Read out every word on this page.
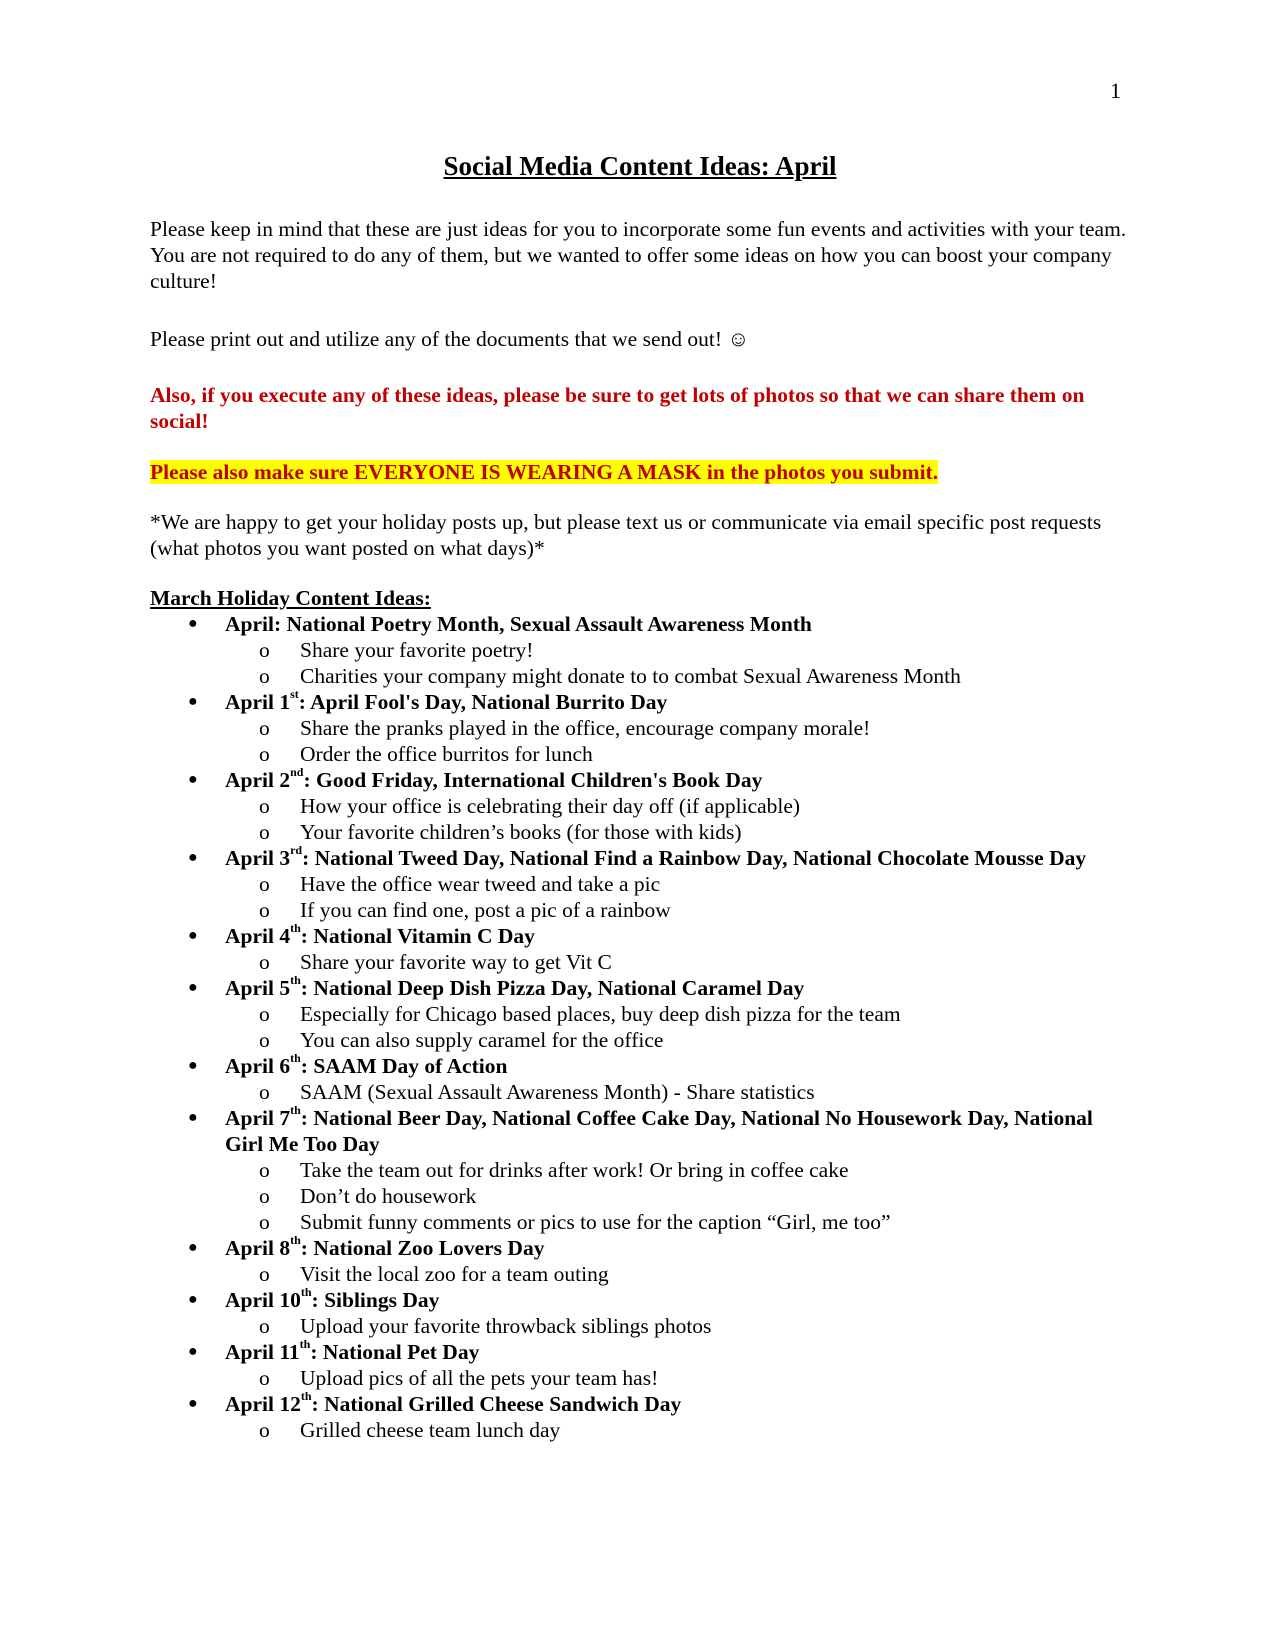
1
Social Media Content Ideas: April

Please keep in mind that these are just ideas for you to incorporate some fun events and activities with your team. You are not required to do any of them, but we wanted to offer some ideas on how you can boost your company culture!

Please print out and utilize any of the documents that we send out! ☺

Also, if you execute any of these ideas, please be sure to get lots of photos so that we can share them on social!

Please also make sure EVERYONE IS WEARING A MASK in the photos you submit.

*We are happy to get your holiday posts up, but please text us or communicate via email specific post requests (what photos you want posted on what days)*

March Holiday Content Ideas:
● April: National Poetry Month, Sexual Assault Awareness Month
o Share your favorite poetry!
o Charities your company might donate to to combat Sexual Awareness Month
● April 1st: April Fool's Day, National Burrito Day
o Share the pranks played in the office, encourage company morale!
o Order the office burritos for lunch
● April 2nd: Good Friday, International Children's Book Day
o How your office is celebrating their day off (if applicable)
o Your favorite children’s books (for those with kids)
● April 3rd: National Tweed Day, National Find a Rainbow Day, National Chocolate Mousse Day
o Have the office wear tweed and take a pic
o If you can find one, post a pic of a rainbow
● April 4th: National Vitamin C Day
o Share your favorite way to get Vit C
● April 5th: National Deep Dish Pizza Day, National Caramel Day
o Especially for Chicago based places, buy deep dish pizza for the team
o You can also supply caramel for the office
● April 6th: SAAM Day of Action
o SAAM (Sexual Assault Awareness Month) - Share statistics
● April 7th: National Beer Day, National Coffee Cake Day, National No Housework Day, National Girl Me Too Day
o Take the team out for drinks after work! Or bring in coffee cake
o Don’t do housework
o Submit funny comments or pics to use for the caption “Girl, me too”
● April 8th: National Zoo Lovers Day
o Visit the local zoo for a team outing
● April 10th: Siblings Day
o Upload your favorite throwback siblings photos
● April 11th: National Pet Day
o Upload pics of all the pets your team has!
● April 12th: National Grilled Cheese Sandwich Day
o Grilled cheese team lunch day
